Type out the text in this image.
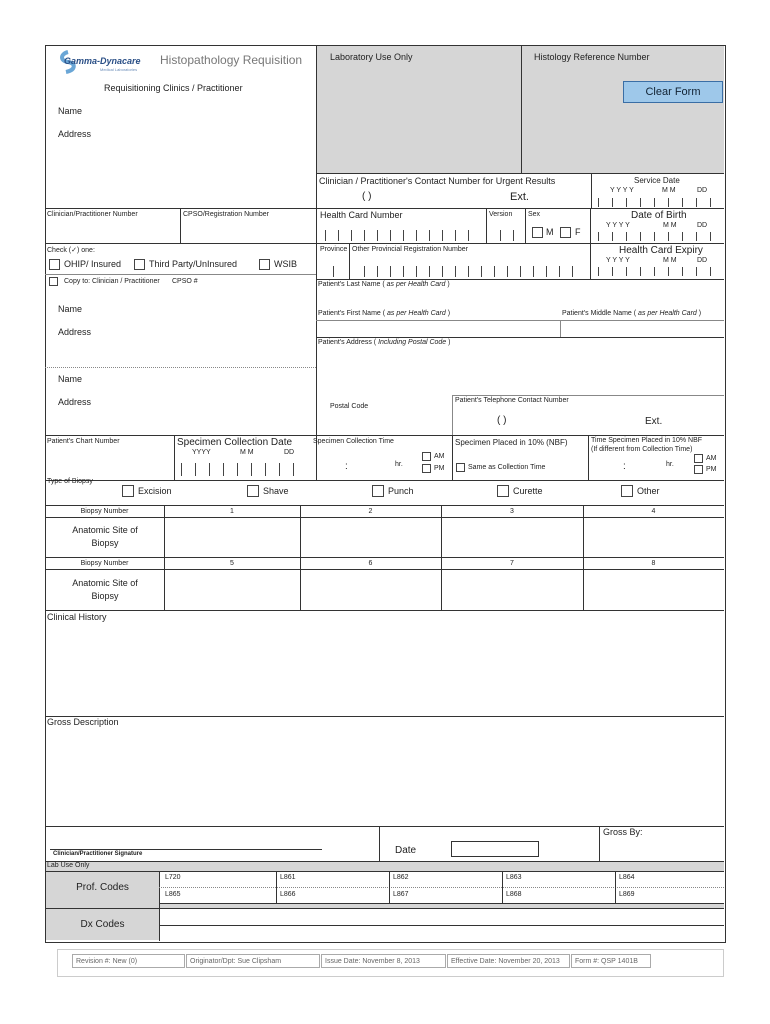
Gamma-Dynacare
Medical Laboratories
Histopathology Requisition	Laboratory Use Only	Histology Reference Number
Clear Form
Requisitioning Clinics / Practitioner
Name
Address
Clinician / Practitioner's Contact Number for Urgent Results
( )	Ext.
Service Date
Y Y Y Y	M M	DD
Clinician/Practitioner Number	CPSO/Registration Number	Health Card Number	Version Sex
M F
Date of Birth
Y Y Y Y	M M	DD
Check (✓) one:
OHIP/ Insured	Third Party/UnInsured	WSIB
Province Other Provincial Registration Number	Health Card Expiry
Y Y Y Y	M M	DD
Copy to: Clinician / Practitioner CPSO #
Name
Address
Name
Address
Patient's Last Name ( as per Health Card )
Patient's First Name ( as per Health Card )	Patient's Middle Name ( as per Health Card )
Patient's Address ( Including Postal Code )
Postal Code
Patient's Telephone Contact Number
( )	Ext.
Patient's Chart Number	Specimen Collection Date
YYYY	M M	DD
Specimen Collection Time
:	hr.
AM
PM
Specimen Placed in 10% (NBF)
Same as Collection Time
Time Specimen Placed in 10% NBF
(If different from Collection Time)
:	hr.
AM
PM
Type of Biopsy
Excision	Shave	Punch	Curette	Other
Biopsy Number	1	2	3	4
Anatomic Site of Biopsy
Biopsy Number	5	6	7	8
Anatomic Site of Biopsy
Clinical History
Gross Description
Clinician/Practitioner Signature	Date
Gross By:
Lab Use Only
Prof. Codes
Dx Codes
L720	L861	L862	L863	L864
L865	L866	L867	L868	L869
Revision #: New (0)	Originator/Dpt: Sue Clipsham	Issue Date: November 8, 2013	Effective Date: November 20, 2013	Form #: QSP 1401B
